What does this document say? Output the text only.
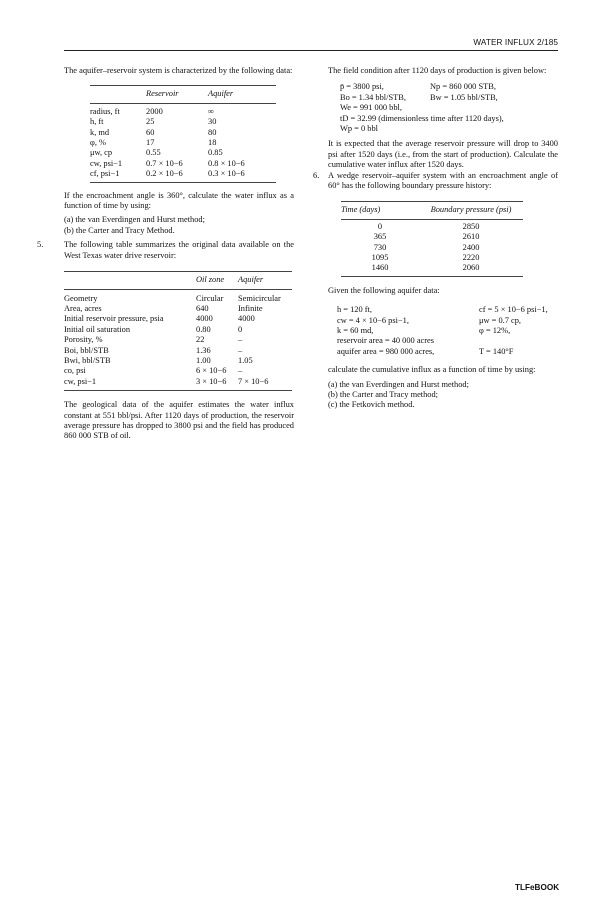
WATER INFLUX 2/185

The aquifer–reservoir system is characterized by the following data:

	Reservoir	Aquifer
radius, ft	2000	∞
h, ft	25	30
k, md	60	80
φ, %	17	18
μw, cp	0.55	0.85
cw, psi−1	0.7 × 10−6	0.8 × 10−6
cf, psi−1	0.2 × 10−6	0.3 × 10−6

If the encroachment angle is 360°, calculate the water influx as a function of time by using:

(a) the van Everdingen and Hurst method;
(b) the Carter and Tracy Method.
5. The following table summarizes the original data available on the West Texas water drive reservoir:

	Oil zone	Aquifer
Geometry	Circular	Semicircular
Area, acres	640	Infinite
Initial reservoir pressure, psia	4000	4000
Initial oil saturation	0.80	0
Porosity, %	22	–
Boi, bbl/STB	1.36	–
Bwi, bbl/STB	1.00	1.05
co, psi	6 × 10−6	–
cw, psi−1	3 × 10−6	7 × 10−6

The geological data of the aquifer estimates the water influx constant at 551 bbl/psi. After 1120 days of production, the reservoir average pressure has dropped to 3800 psi and the field has produced 860 000 STB of oil.

The field condition after 1120 days of production is given below:

p̄ = 3800 psi,	Np = 860 000 STB,
Bo = 1.34 bbl/STB,	Bw = 1.05 bbl/STB,
We = 991 000 bbl,
tD = 32.99 (dimensionless time after 1120 days),
Wp = 0 bbl

It is expected that the average reservoir pressure will drop to 3400 psi after 1520 days (i.e., from the start of production). Calculate the cumulative water influx after 1520 days.

6. A wedge reservoir–aquifer system with an encroachment angle of 60° has the following boundary pressure history:

Time (days)	Boundary pressure (psi)
0	2850
365	2610
730	2400
1095	2220
1460	2060

Given the following aquifer data:

h = 120 ft,	cf = 5 × 10−6 psi−1,
cw = 4 × 10−6 psi−1,	μw = 0.7 cp,
k = 60 md,	φ = 12%,
reservoir area = 40 000 acres
aquifer area = 980 000 acres,	T = 140°F

calculate the cumulative influx as a function of time by using:

(a) the van Everdingen and Hurst method;
(b) the Carter and Tracy method;
(c) the Fetkovich method.
TLFeBOOK
